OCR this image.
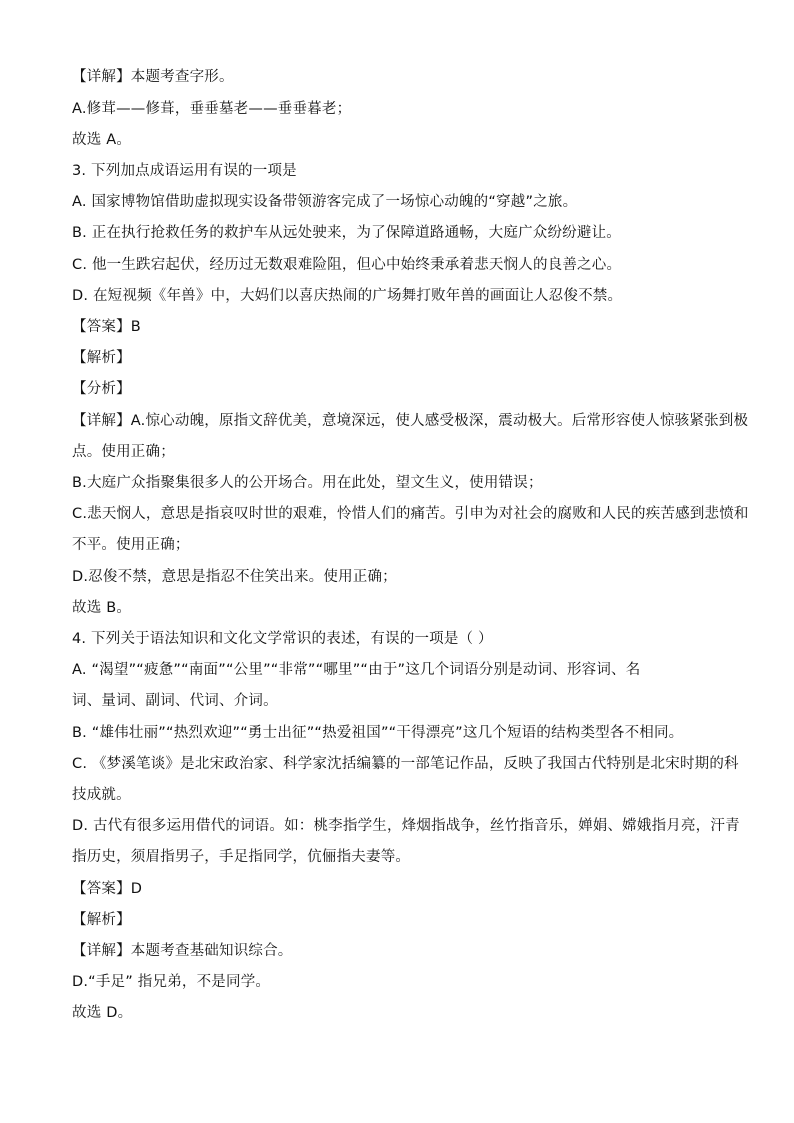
【详解】本题考查字形。
A.修茸——修葺，垂垂墓老——垂垂暮老；
故选 A。
3. 下列加点成语运用有误的一项是
A. 国家博物馆借助虚拟现实设备带领游客完成了一场惊心动魄的“穿越”之旅。
B. 正在执行抢救任务的救护车从远处驶来，为了保障道路通畅，大庭广众纷纷避让。
C. 他一生跌宕起伏，经历过无数艰难险阻，但心中始终秉承着悲天悯人的良善之心。
D. 在短视频《年兽》中，大妈们以喜庆热闹的广场舞打败年兽的画面让人忍俊不禁。
【答案】B
【解析】
【分析】
【详解】A.惊心动魄，原指文辞优美，意境深远，使人感受极深，震动极大。后常形容使人惊骇紧张到极
点。使用正确；
B.大庭广众指聚集很多人的公开场合。用在此处，望文生义，使用错误；
C.悲天悯人，意思是指哀叹时世的艰难，怜惜人们的痛苦。引申为对社会的腐败和人民的疾苦感到悲愤和
不平。使用正确；
D.忍俊不禁，意思是指忍不住笑出来。使用正确；
故选 B。
4. 下列关于语法知识和文化文学常识的表述，有误的一项是（ ）
A. “渴望”“疲惫”“南面”“公里”“非常”“哪里”“由于”这几个词语分别是动词、形容词、名
词、量词、副词、代词、介词。
B. “雄伟壮丽”“热烈欢迎”“勇士出征”“热爱祖国”“干得漂亮”这几个短语的结构类型各不相同。
C. 《梦溪笔谈》是北宋政治家、科学家沈括编纂的一部笔记作品，反映了我国古代特别是北宋时期的科
技成就。
D. 古代有很多运用借代的词语。如：桃李指学生，烽烟指战争，丝竹指音乐，婵娟、嫦娥指月亮，汗青
指历史，须眉指男子，手足指同学，伉俪指夫妻等。
【答案】D
【解析】
【详解】本题考查基础知识综合。
D.“手足” 指兄弟，不是同学。
故选 D。
